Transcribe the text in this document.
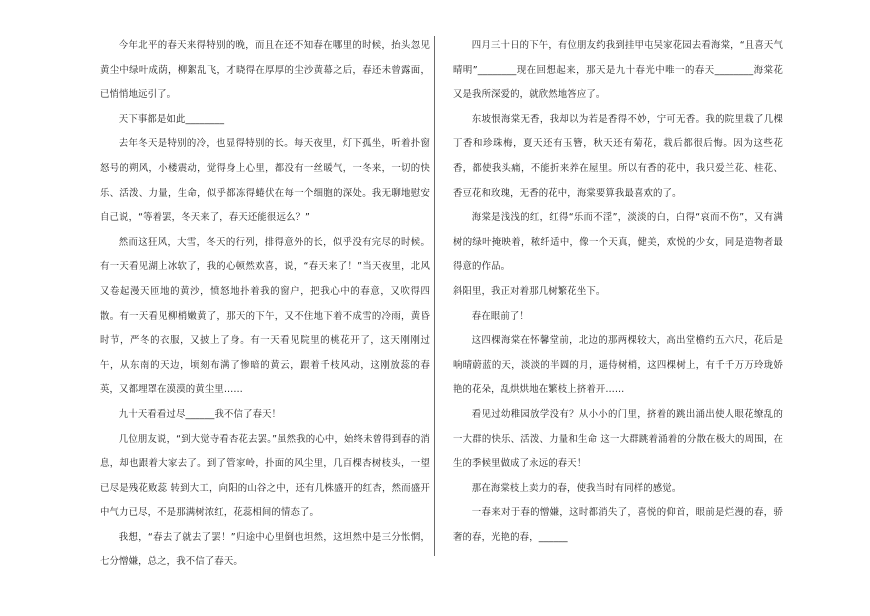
今年北平的春天来得特别的晚，而且在还不知春在哪里的时候，抬头忽见黄尘中绿叶成荫，柳絮乱飞，才晓得在厚厚的尘沙黄幕之后，春还未曾露面，已悄悄地远引了。

天下事都是如此________

去年冬天是特别的冷，也显得特别的长。每天夜里，灯下孤坐，听着扑窗怒号的朔风，小楼震动，觉得身上心里，都没有一丝暖气，一冬来，一切的快乐、活泼、力量，生命，似乎都冻得蜷伏在每一个细胞的深处。我无聊地慰安自己说，“等着罢，冬天来了，春天还能很远么？”

然而这狂风，大雪，冬天的行列，排得意外的长，似乎没有完尽的时候。有一天看见湖上冰软了，我的心顿然欢喜，说，“春天来了！”当天夜里，北风又卷起漫天匝地的黄沙，愤怒地扑着我的窗户，把我心中的春意，又吹得四散。有一天看见柳梢嫩黄了，那天的下午，又不住地下着不成雪的冷雨，黄昏时节，严冬的衣服，又披上了身。有一天看见院里的桃花开了，这天刚刚过午，从东南的天边，顷刻布满了惨暗的黄云，跟着千枝风动，这刚放蕊的春英，又都埋罩在漠漠的黄尘里……

九十天看看过尽______我不信了春天！

几位朋友说，“到大觉寺看杏花去罢。”虽然我的心中，始终未曾得到春的消息，却也跟着大家去了。到了管家岭，扑面的风尘里，几百棵杏树枝头，一望已尽是残花败蕊 转到大工，向阳的山谷之中，还有几株盛开的红杏，然而盛开中气力已尽，不是那满树浓红，花蕊相间的情态了。

我想，“春去了就去了罢！”归途中心里倒也坦然，这坦然中是三分怅惘，七分憎嫌，总之，我不信了春天。

四月三十日的下午，有位朋友约我到挂甲屯吴家花园去看海棠，“且喜天气晴明”________现在回想起来，那天是九十春光中唯一的春天________海棠花又是我所深爱的，就欣然地答应了。

东坡恨海棠无香，我却以为若是香得不妙，宁可无香。我的院里栽了几棵丁香和珍珠梅，夏天还有玉簪，秋天还有菊花，栽后都很后悔。因为这些花香，都使我头痛，不能折来养在屋里。所以有香的花中，我只爱兰花、桂花、香豆花和玫瑰，无香的花中，海棠要算我最喜欢的了。

海棠是浅浅的红，红得“乐而不淫”，淡淡的白，白得“哀而不伤”，又有满树的绿叶掩映着，秾纤适中，像一个天真，健美，欢悦的少女，同是造物者最得意的作品。

斜阳里，我正对着那几树繁花坐下。

春在眼前了！

这四棵海棠在怀馨堂前，北边的那两棵较大，高出堂檐约五六尺，花后是响晴蔚蓝的天，淡淡的半圆的月，遥侍树梢，这四棵树上，有千千万万玲珑娇艳的花朵，乱烘烘地在繁枝上挤着开……

看见过幼稚园放学没有？从小小的门里，挤着的跳出涌出使人眼花缭乱的一大群的快乐、活泼、力量和生命 这一大群跳着涌着的分散在极大的周围，在生的季候里做成了永远的春天！

那在海棠枝上卖力的春，使我当时有同样的感觉。

一春来对于春的憎嫌，这时都消失了，喜悦的仰首，眼前是烂漫的春，骄奢的春，光艳的春，______
